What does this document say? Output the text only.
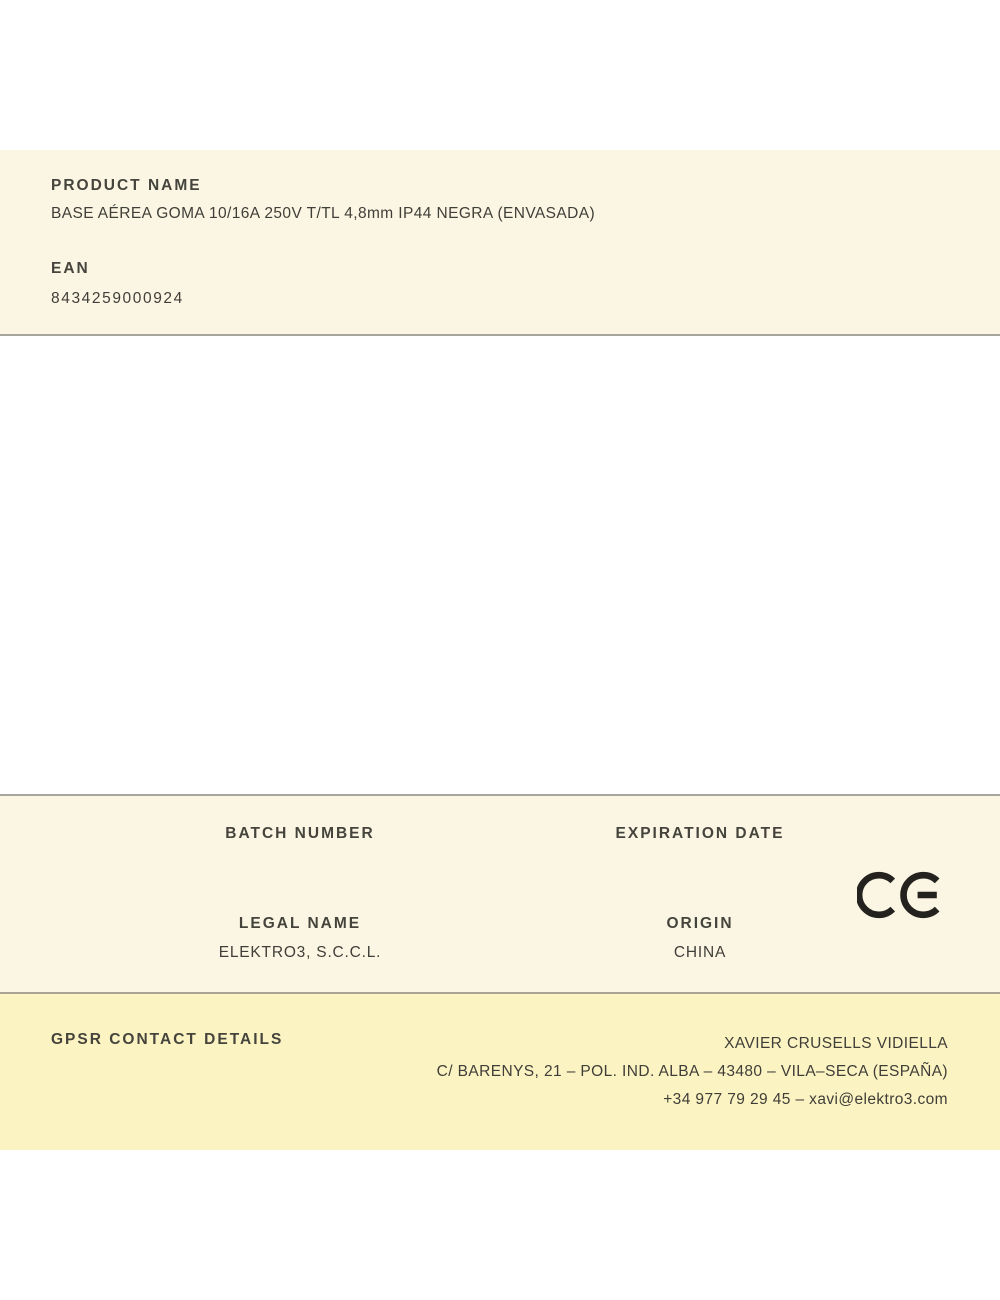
PRODUCT NAME
BASE AÉREA GOMA 10/16A 250V T/TL 4,8mm IP44 NEGRA (ENVASADA)
EAN
8434259000924
BATCH NUMBER	EXPIRATION DATE
LEGAL NAME
ELEKTRO3, S.C.C.L.
ORIGIN
CHINA
GPSR CONTACT DETAILS	XAVIER CRUSELLS VIDIELLA
C/ BARENYS, 21 – POL. IND. ALBA – 43480 – VILA–SECA (ESPAÑA)
+34 977 79 29 45 – xavi@elektro3.com
